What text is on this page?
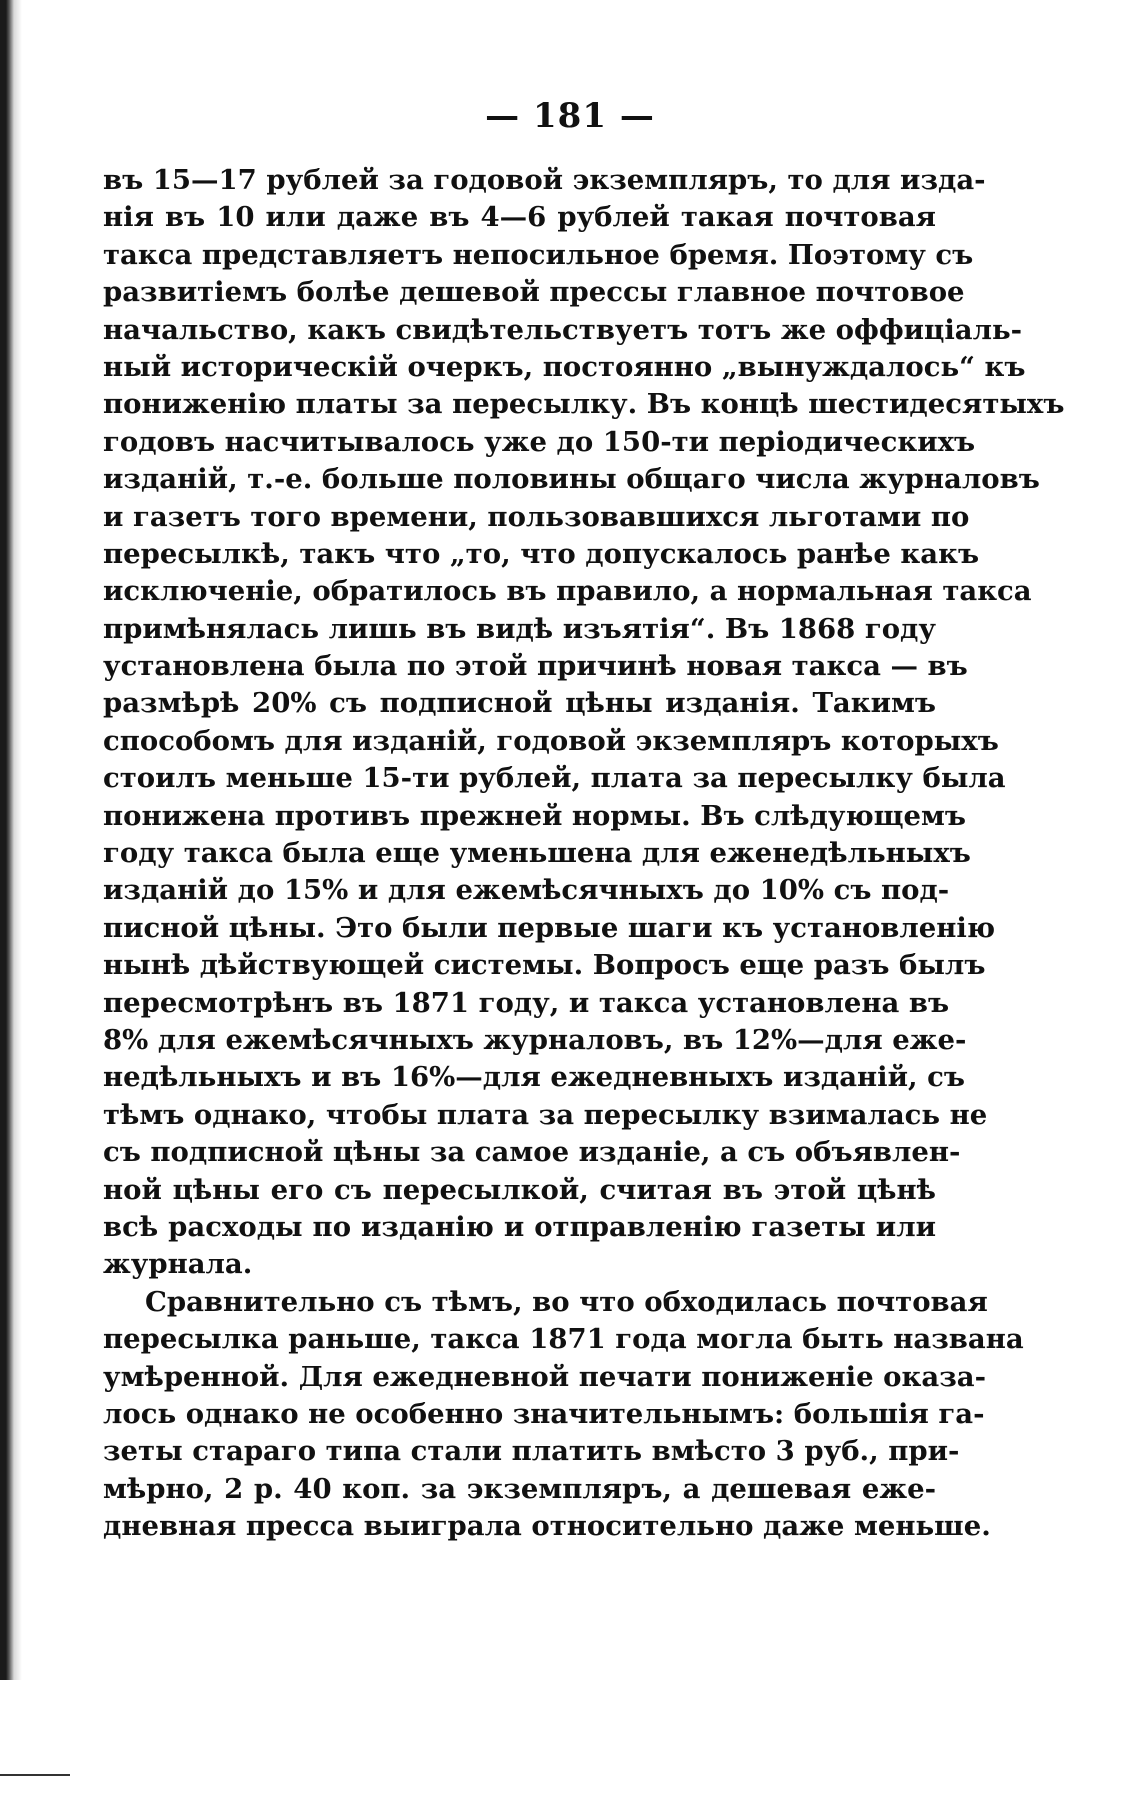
— 181 —
въ 15—17 рублей за годовой экземпляръ, то для изда-
нія въ 10 или даже въ 4—6 рублей такая почтовая
такса представляетъ непосильное бремя. Поэтому съ
развитіемъ болѣе дешевой прессы главное почтовое
начальство, какъ свидѣтельствуетъ тотъ же оффиціаль-
ный историческій очеркъ, постоянно „вынуждалось“ къ
пониженію платы за пересылку. Въ концѣ шестидесятыхъ
годовъ насчитывалось уже до 150-ти періодическихъ
изданій, т.-е. больше половины общаго числа журналовъ
и газетъ того времени, пользовавшихся льготами по
пересылкѣ, такъ что „то, что допускалось ранѣе какъ
исключеніе, обратилось въ правило, а нормальная такса
примѣнялась лишь въ видѣ изъятія“. Въ 1868 году
установлена была по этой причинѣ новая такса — въ
размѣрѣ 20% съ подписной цѣны изданія. Такимъ
способомъ для изданій, годовой экземпляръ которыхъ
стоилъ меньше 15-ти рублей, плата за пересылку была
понижена противъ прежней нормы. Въ слѣдующемъ
году такса была еще уменьшена для еженедѣльныхъ
изданій до 15% и для ежемѣсячныхъ до 10% съ под-
писной цѣны. Это были первые шаги къ установленію
нынѣ дѣйствующей системы. Вопросъ еще разъ былъ
пересмотрѣнъ въ 1871 году, и такса установлена въ
8% для ежемѣсячныхъ журналовъ, въ 12%—для еже-
недѣльныхъ и въ 16%—для ежедневныхъ изданій, съ
тѣмъ однако, чтобы плата за пересылку взималась не
съ подписной цѣны за самое изданіе, а съ объявлен-
ной цѣны его съ пересылкой, считая въ этой цѣнѣ
всѣ расходы по изданію и отправленію газеты или
журнала.
Сравнительно съ тѣмъ, во что обходилась почтовая
пересылка раньше, такса 1871 года могла быть названа
умѣренной. Для ежедневной печати пониженіе оказа-
лось однако не особенно значительнымъ: большія га-
зеты стараго типа стали платить вмѣсто 3 руб., при-
мѣрно, 2 р. 40 коп. за экземпляръ, а дешевая еже-
дневная пресса выиграла относительно даже меньше.
